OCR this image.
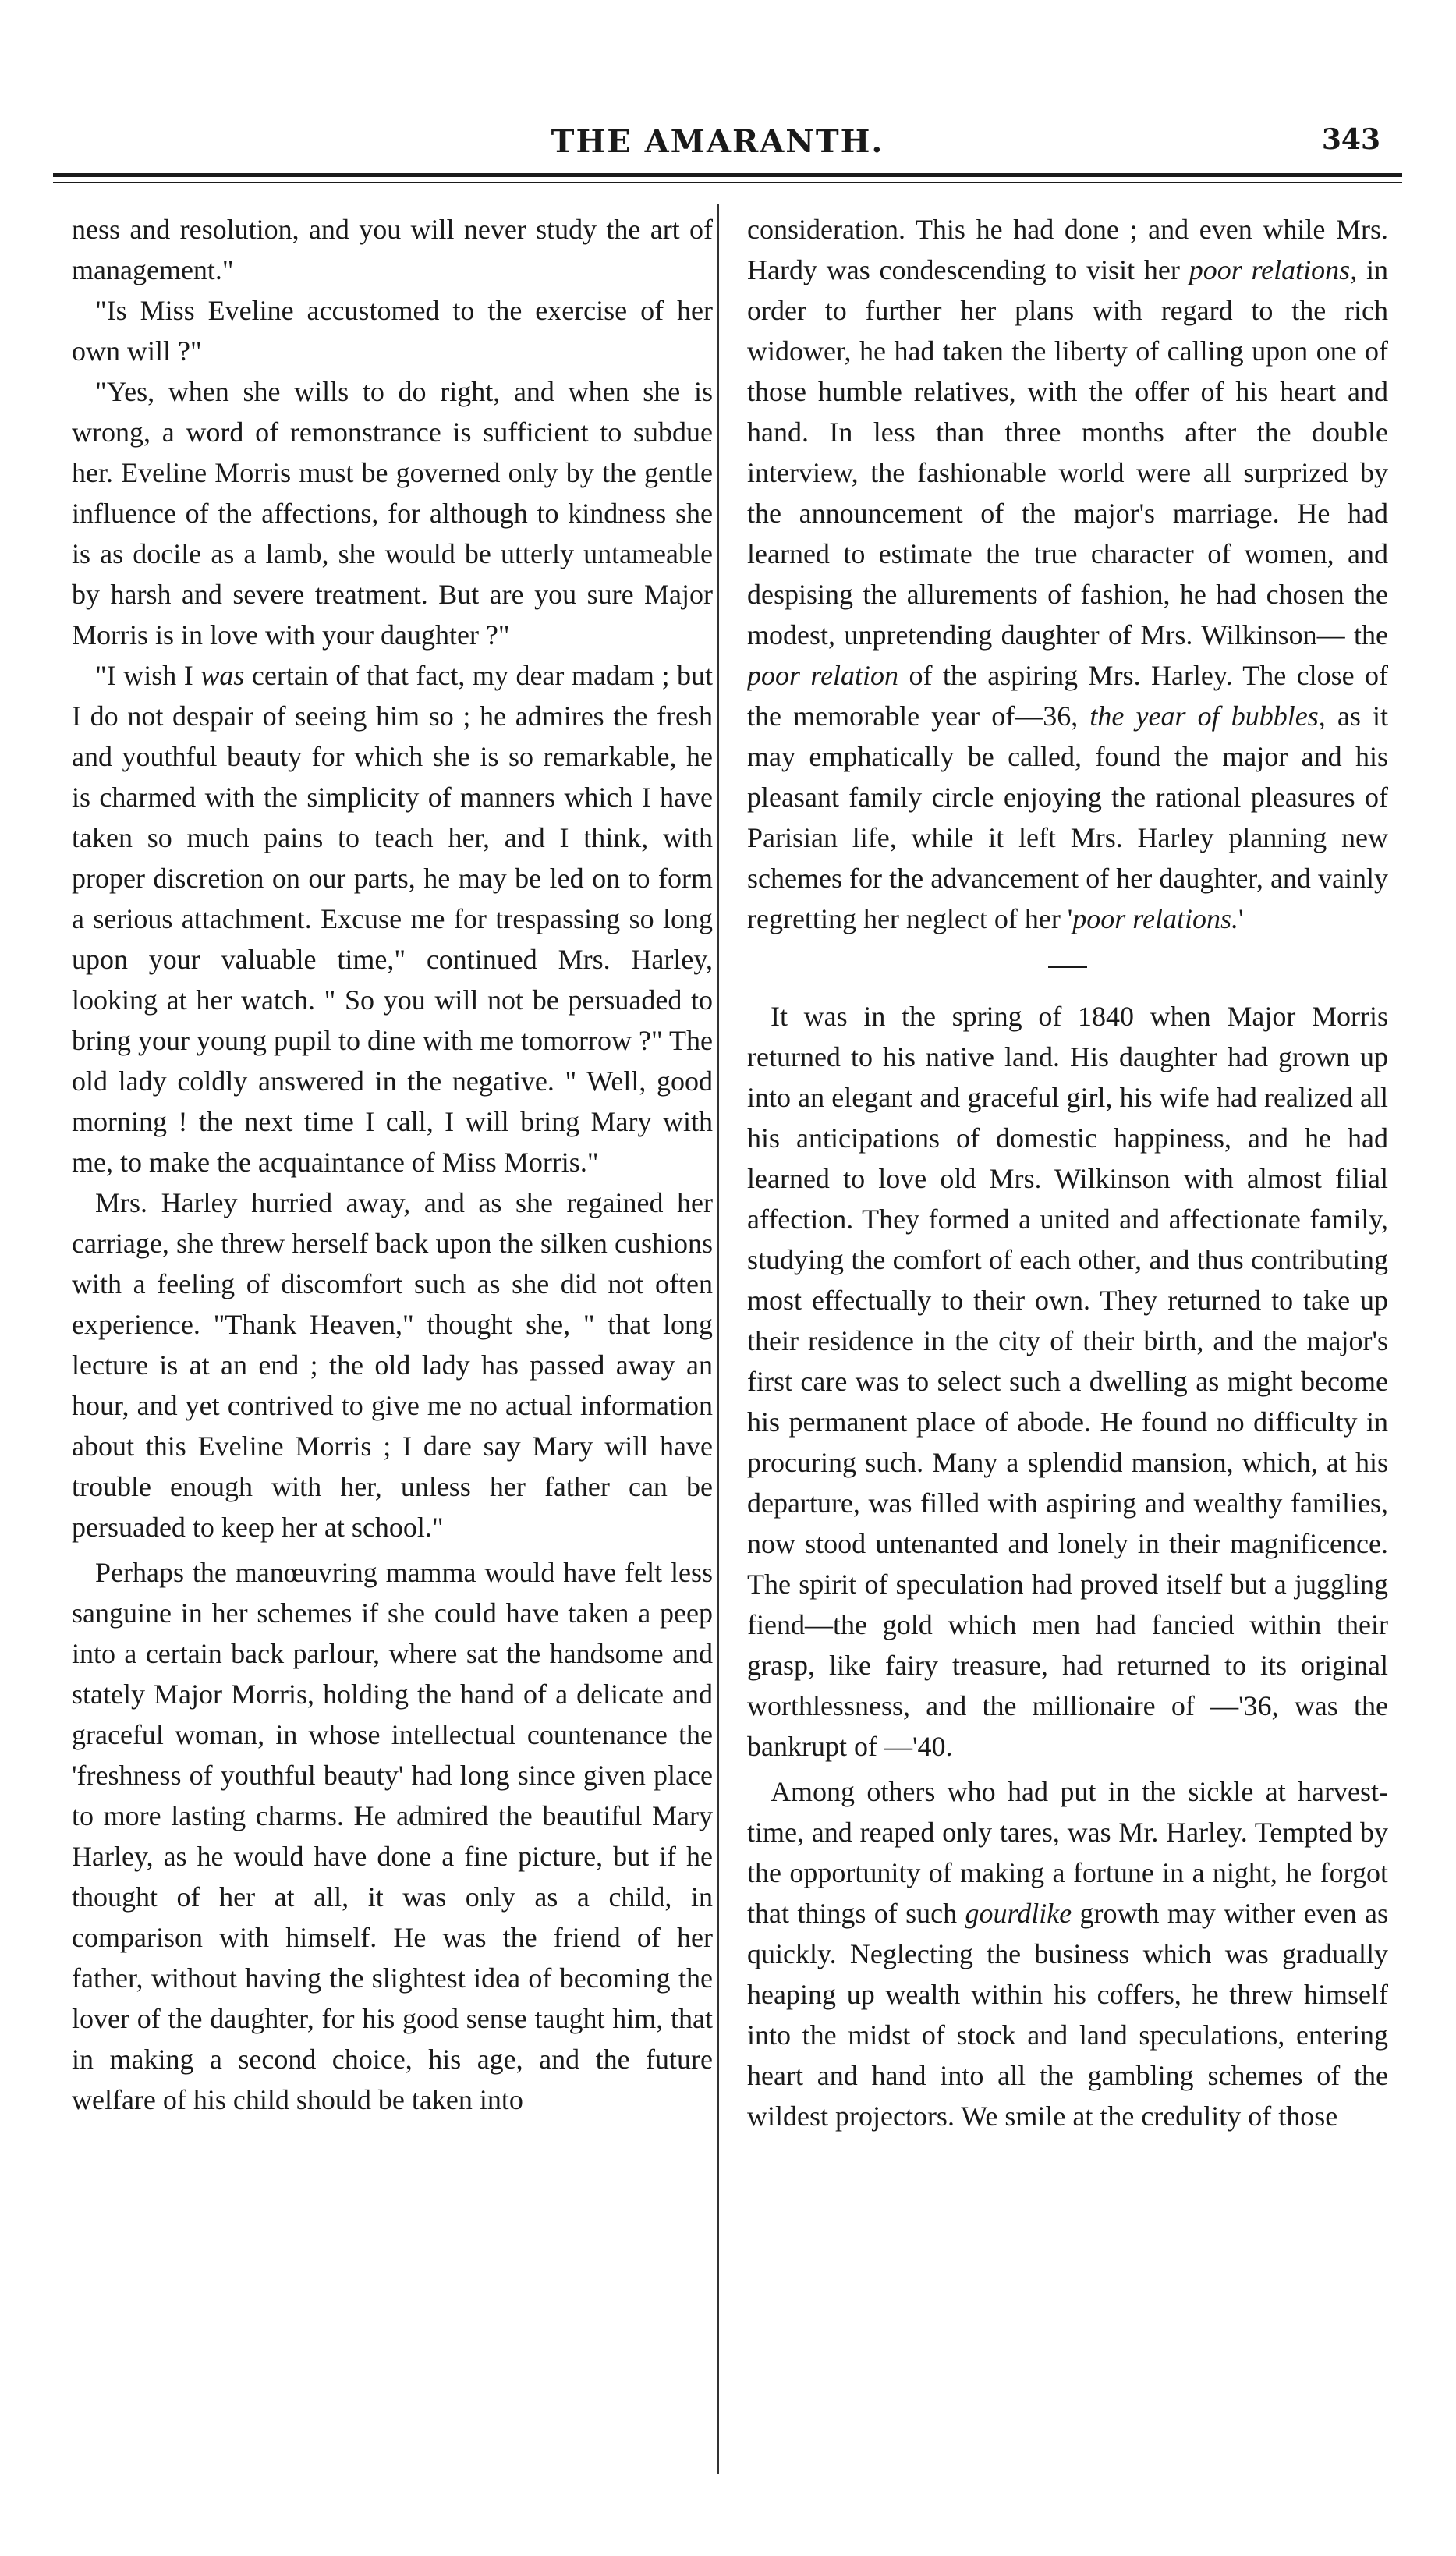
THE AMARANTH.	343

ness and resolution, and you will never study the art of management."

"Is Miss Eveline accustomed to the exercise of her own will ?"

"Yes, when she wills to do right, and when she is wrong, a word of remonstrance is sufficient to subdue her. Eveline Morris must be governed only by the gentle influence of the affections, for although to kindness she is as docile as a lamb, she would be utterly untameable by harsh and severe treatment. But are you sure Major Morris is in love with your daughter ?"

"I wish I was certain of that fact, my dear madam ; but I do not despair of seeing him so ; he admires the fresh and youthful beauty for which she is so remarkable, he is charmed with the simplicity of manners which I have taken so much pains to teach her, and I think, with proper discretion on our parts, he may be led on to form a serious attachment. Excuse me for trespassing so long upon your valuable time," continued Mrs. Harley, looking at her watch. " So you will not be persuaded to bring your young pupil to dine with me tomorrow ?" The old lady coldly answered in the negative. " Well, good morning ! the next time I call, I will bring Mary with me, to make the acquaintance of Miss Morris."

Mrs. Harley hurried away, and as she regained her carriage, she threw herself back upon the silken cushions with a feeling of discomfort such as she did not often experience. "Thank Heaven," thought she, " that long lecture is at an end ; the old lady has passed away an hour, and yet contrived to give me no actual information about this Eveline Morris ; I dare say Mary will have trouble enough with her, unless her father can be persuaded to keep her at school."

Perhaps the manœuvring mamma would have felt less sanguine in her schemes if she could have taken a peep into a certain back parlour, where sat the handsome and stately Major Morris, holding the hand of a delicate and graceful woman, in whose intellectual countenance the 'freshness of youthful beauty' had long since given place to more lasting charms. He admired the beautiful Mary Harley, as he would have done a fine picture, but if he thought of her at all, it was only as a child, in comparison with himself. He was the friend of her father, without having the slightest idea of becoming the lover of the daughter, for his good sense taught him, that in making a second choice, his age, and the future welfare of his child should be taken into

consideration. This he had done ; and even while Mrs. Hardy was condescending to visit her poor relations, in order to further her plans with regard to the rich widower, he had taken the liberty of calling upon one of those humble relatives, with the offer of his heart and hand. In less than three months after the double interview, the fashionable world were all surprized by the announcement of the major's marriage. He had learned to estimate the true character of women, and despising the allurements of fashion, he had chosen the modest, unpretending daughter of Mrs. Wilkinson— the poor relation of the aspiring Mrs. Harley. The close of the memorable year of—36, the year of bubbles, as it may emphatically be called, found the major and his pleasant family circle enjoying the rational pleasures of Parisian life, while it left Mrs. Harley planning new schemes for the advancement of her daughter, and vainly regretting her neglect of her 'poor relations.'

It was in the spring of 1840 when Major Morris returned to his native land. His daughter had grown up into an elegant and graceful girl, his wife had realized all his anticipations of domestic happiness, and he had learned to love old Mrs. Wilkinson with almost filial affection. They formed a united and affectionate family, studying the comfort of each other, and thus contributing most effectually to their own. They returned to take up their residence in the city of their birth, and the major's first care was to select such a dwelling as might become his permanent place of abode. He found no difficulty in procuring such. Many a splendid mansion, which, at his departure, was filled with aspiring and wealthy families, now stood untenanted and lonely in their magnificence. The spirit of speculation had proved itself but a juggling fiend—the gold which men had fancied within their grasp, like fairy treasure, had returned to its original worthlessness, and the millionaire of —'36, was the bankrupt of —'40.

Among others who had put in the sickle at harvest-time, and reaped only tares, was Mr. Harley. Tempted by the opportunity of making a fortune in a night, he forgot that things of such gourdlike growth may wither even as quickly. Neglecting the business which was gradually heaping up wealth within his coffers, he threw himself into the midst of stock and land speculations, entering heart and hand into all the gambling schemes of the wildest projectors. We smile at the credulity of those
